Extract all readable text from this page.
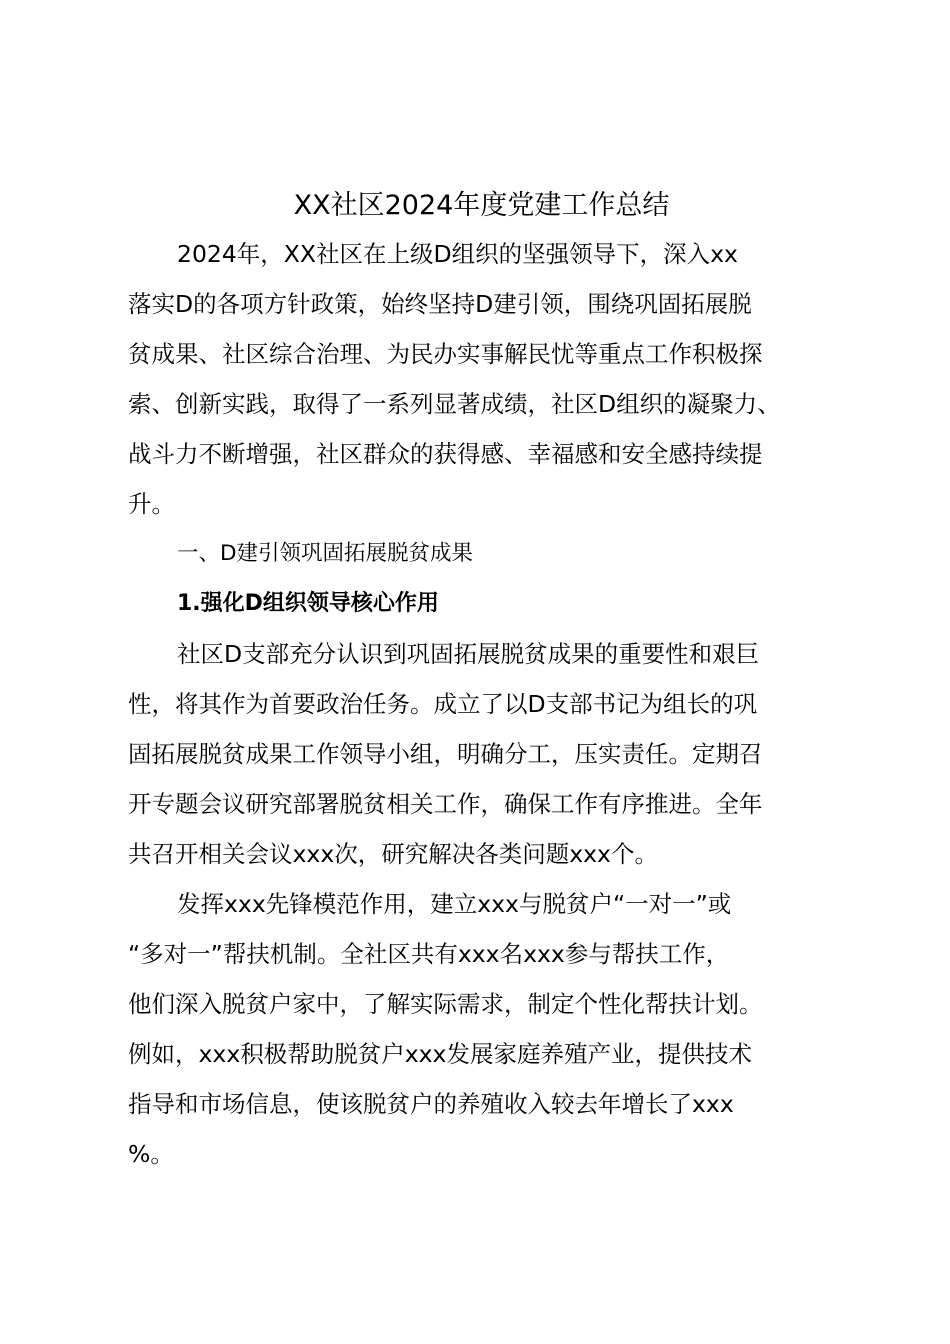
XX社区2024年度党建工作总结
2024年，XX社区在上级D组织的坚强领导下，深入xx
落实D的各项方针政策，始终坚持D建引领，围绕巩固拓展脱
贫成果、社区综合治理、为民办实事解民忧等重点工作积极探
索、创新实践，取得了一系列显著成绩，社区D组织的凝聚力、
战斗力不断增强，社区群众的获得感、幸福感和安全感持续提
升。
一、D建引领巩固拓展脱贫成果
1.强化D组织领导核心作用
社区D支部充分认识到巩固拓展脱贫成果的重要性和艰巨
性，将其作为首要政治任务。成立了以D支部书记为组长的巩
固拓展脱贫成果工作领导小组，明确分工，压实责任。定期召
开专题会议研究部署脱贫相关工作，确保工作有序推进。全年
共召开相关会议xxx次，研究解决各类问题xxx个。
发挥xxx先锋模范作用，建立xxx与脱贫户“一对一”或
“多对一”帮扶机制。全社区共有xxx名xxx参与帮扶工作，
他们深入脱贫户家中，了解实际需求，制定个性化帮扶计划。
例如，xxx积极帮助脱贫户xxx发展家庭养殖产业，提供技术
指导和市场信息，使该脱贫户的养殖收入较去年增长了xxx
%。
